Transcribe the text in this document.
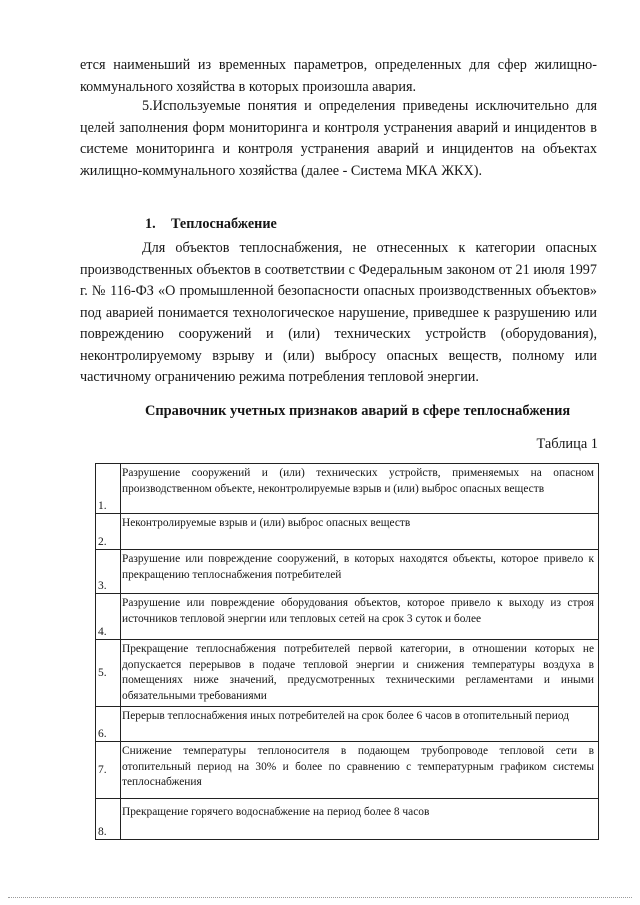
ется наименьший из временных параметров, определенных для сфер жилищно-коммунального хозяйства в которых произошла авария.

5.Используемые понятия и определения приведены исключительно для целей заполнения форм мониторинга и контроля устранения аварий и инцидентов в системе мониторинга и контроля устранения аварий и инцидентов на объектах жилищно-коммунального хозяйства (далее - Система МКА ЖКХ).

1. Теплоснабжение

Для объектов теплоснабжения, не отнесенных к категории опасных производственных объектов в соответствии с Федеральным законом от 21 июля 1997 г. № 116-ФЗ «О промышленной безопасности опасных производственных объектов» под аварией понимается технологическое нарушение, приведшее к разрушению или повреждению сооружений и (или) технических устройств (оборудования), неконтролируемому взрыву и (или) выбросу опасных веществ, полному или частичному ограничению режима потребления тепловой энергии.

Справочник учетных признаков аварий в сфере теплоснабжения

Таблица 1

1.	Разрушение сооружений и (или) технических устройств, применяемых на опасном производственном объекте, неконтролируемые взрыв и (или) выброс опасных веществ
2.	Неконтролируемые взрыв и (или) выброс опасных веществ
3.	Разрушение или повреждение сооружений, в которых находятся объекты, которое привело к прекращению теплоснабжения потребителей
4.	Разрушение или повреждение оборудования объектов, которое привело к выходу из строя источников тепловой энергии или тепловых сетей на срок 3 суток и более
5.	Прекращение теплоснабжения потребителей первой категории, в отношении которых не допускается перерывов в подаче тепловой энергии и снижения температуры воздуха в помещениях ниже значений, предусмотренных техническими регламентами и иными обязательными требованиями
6.	Перерыв теплоснабжения иных потребителей на срок более 6 часов в отопительный период
7.	Снижение температуры теплоносителя в подающем трубопроводе тепловой сети в отопительный период на 30% и более по сравнению с температурным графиком системы теплоснабжения
8.	Прекращение горячего водоснабжение на период более 8 часов
